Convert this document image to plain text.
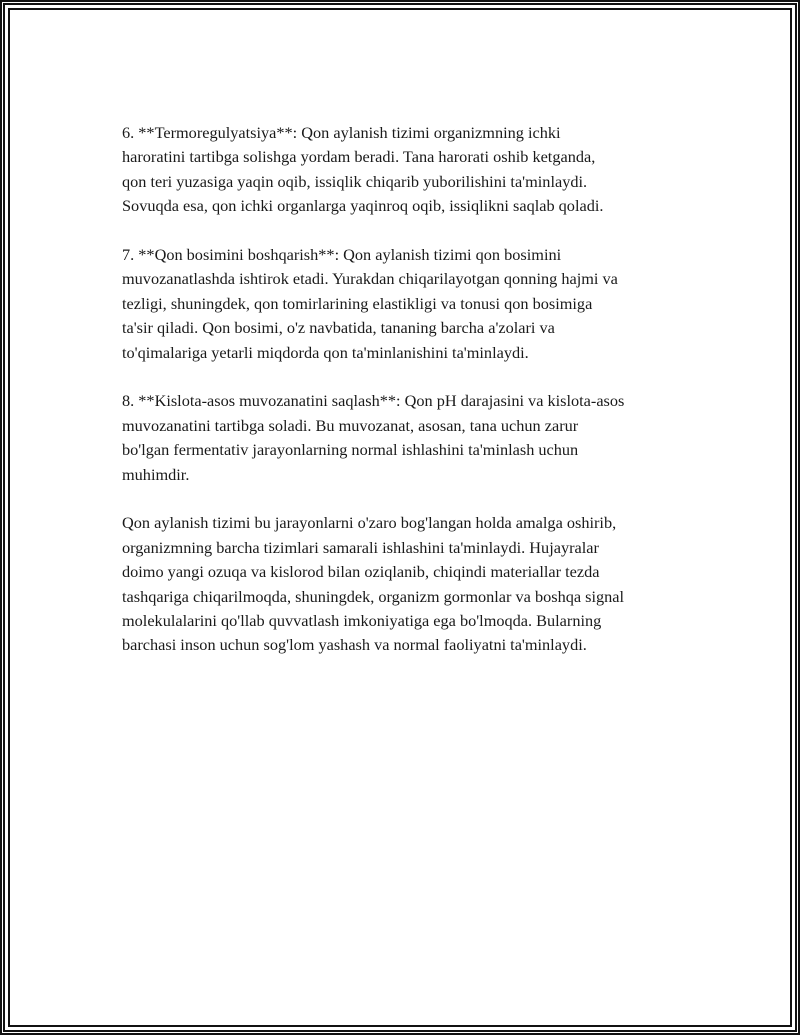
6. **Termoregulyatsiya**: Qon aylanish tizimi organizmning ichki
haroratini tartibga solishga yordam beradi. Tana harorati oshib ketganda,
qon teri yuzasiga yaqin oqib, issiqlik chiqarib yuborilishini ta'minlaydi.
Sovuqda esa, qon ichki organlarga yaqinroq oqib, issiqlikni saqlab qoladi.

7. **Qon bosimini boshqarish**: Qon aylanish tizimi qon bosimini
muvozanatlashda ishtirok etadi. Yurakdan chiqarilayotgan qonning hajmi va
tezligi, shuningdek, qon tomirlarining elastikligi va tonusi qon bosimiga
ta'sir qiladi. Qon bosimi, o'z navbatida, tananing barcha a'zolari va
to'qimalariga yetarli miqdorda qon ta'minlanishini ta'minlaydi.

8. **Kislota-asos muvozanatini saqlash**: Qon pH darajasini va kislota-asos
muvozanatini tartibga soladi. Bu muvozanat, asosan, tana uchun zarur
bo'lgan fermentativ jarayonlarning normal ishlashini ta'minlash uchun
muhimdir.

Qon aylanish tizimi bu jarayonlarni o'zaro bog'langan holda amalga oshirib,
organizmning barcha tizimlari samarali ishlashini ta'minlaydi. Hujayralar
doimo yangi ozuqa va kislorod bilan oziqlanib, chiqindi materiallar tezda
tashqariga chiqarilmoqda, shuningdek, organizm gormonlar va boshqa signal
molekulalarini qo'llab quvvatlash imkoniyatiga ega bo'lmoqda. Bularning
barchasi inson uchun sog'lom yashash va normal faoliyatni ta'minlaydi.
